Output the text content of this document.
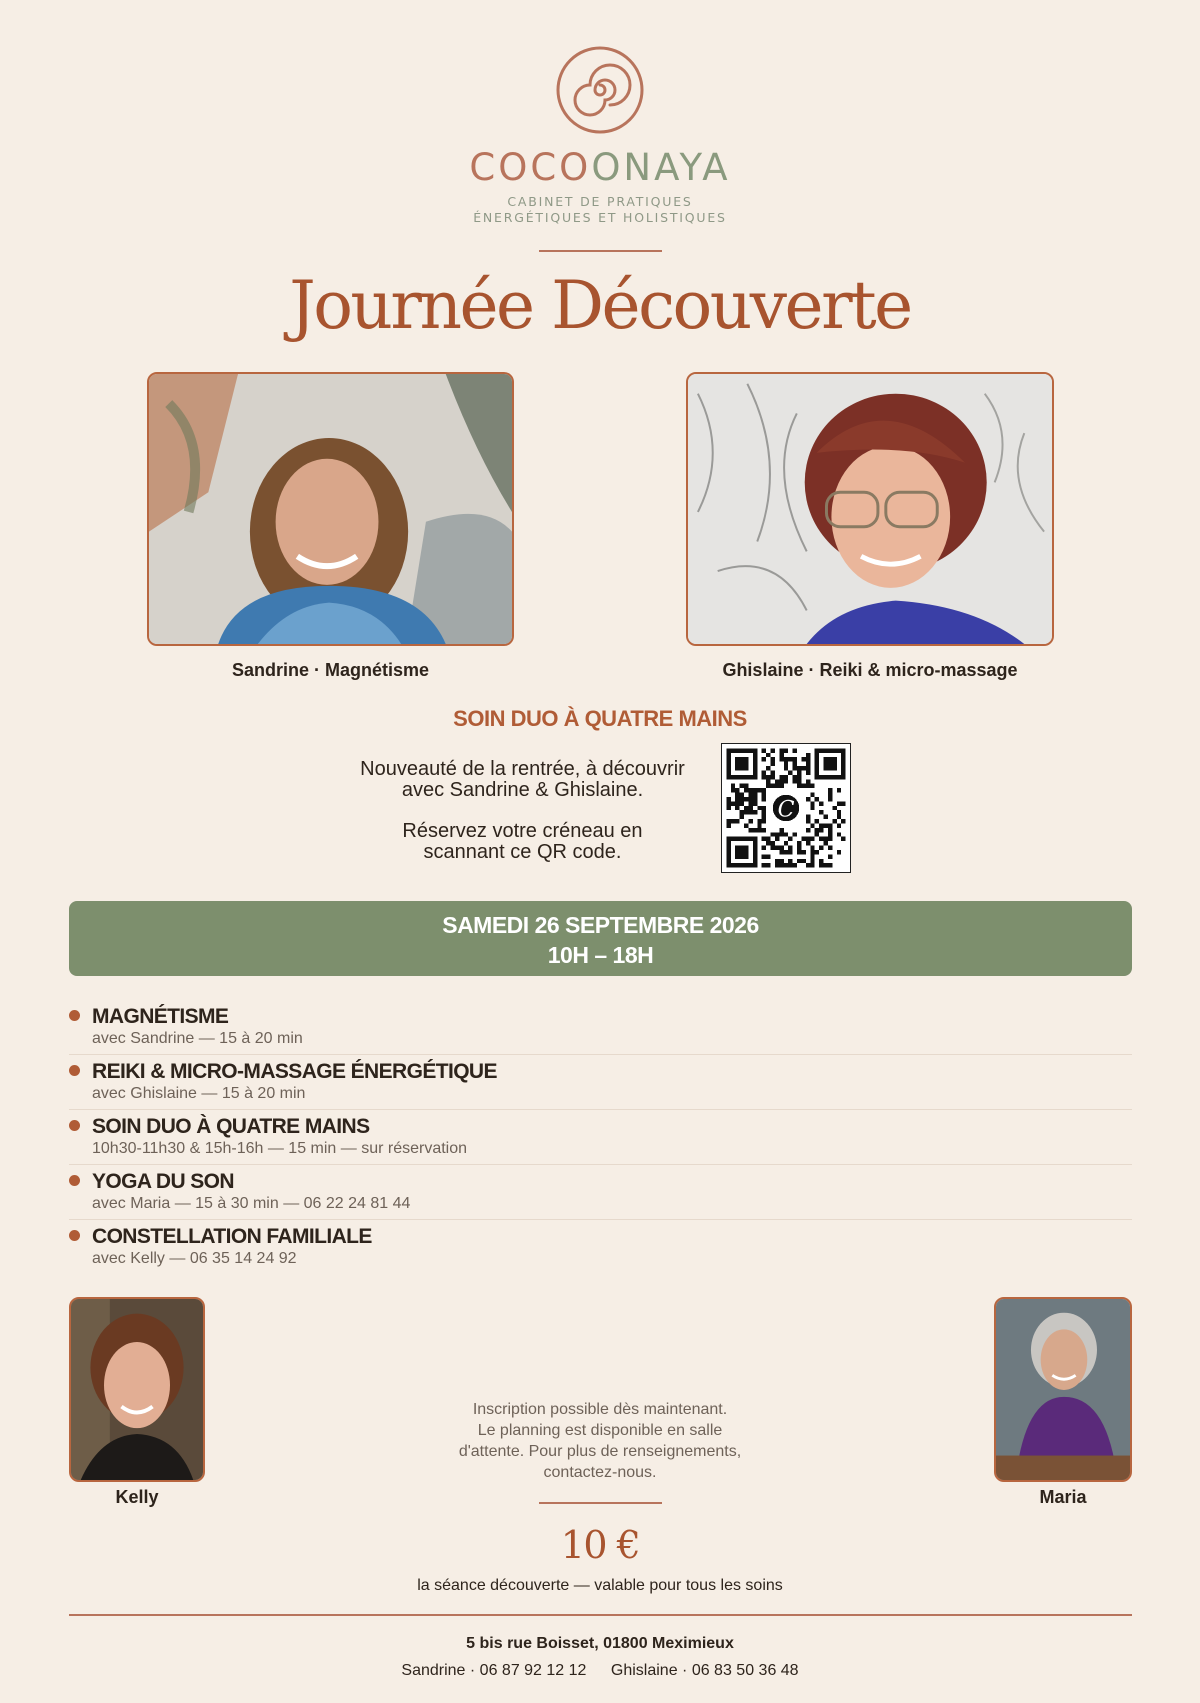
COCOONAYA
CABINET DE PRATIQUES
ÉNERGÉTIQUES ET HOLISTIQUES
Journée Découverte
Sandrine · Magnétisme	Ghislaine · Reiki & micro-massage
SOIN DUO À QUATRE MAINS
Nouveauté de la rentrée, à découvrir
avec Sandrine & Ghislaine.
Réservez votre créneau en
scannant ce QR code.
C
SAMEDI 26 SEPTEMBRE 2026
10H – 18H
MAGNÉTISME
avec Sandrine — 15 à 20 min
REIKI & MICRO-MASSAGE ÉNERGÉTIQUE
avec Ghislaine — 15 à 20 min
SOIN DUO À QUATRE MAINS
10h30-11h30 & 15h-16h — 15 min — sur réservation
YOGA DU SON
avec Maria — 15 à 30 min — 06 22 24 81 44
CONSTELLATION FAMILIALE
avec Kelly — 06 35 14 24 92
Kelly	Maria
Inscription possible dès maintenant.
Le planning est disponible en salle
d'attente. Pour plus de renseignements,
contactez-nous.
10 €
la séance découverte — valable pour tous les soins
5 bis rue Boisset, 01800 Meximieux
Sandrine · 06 87 92 12 12 Ghislaine · 06 83 50 36 48
